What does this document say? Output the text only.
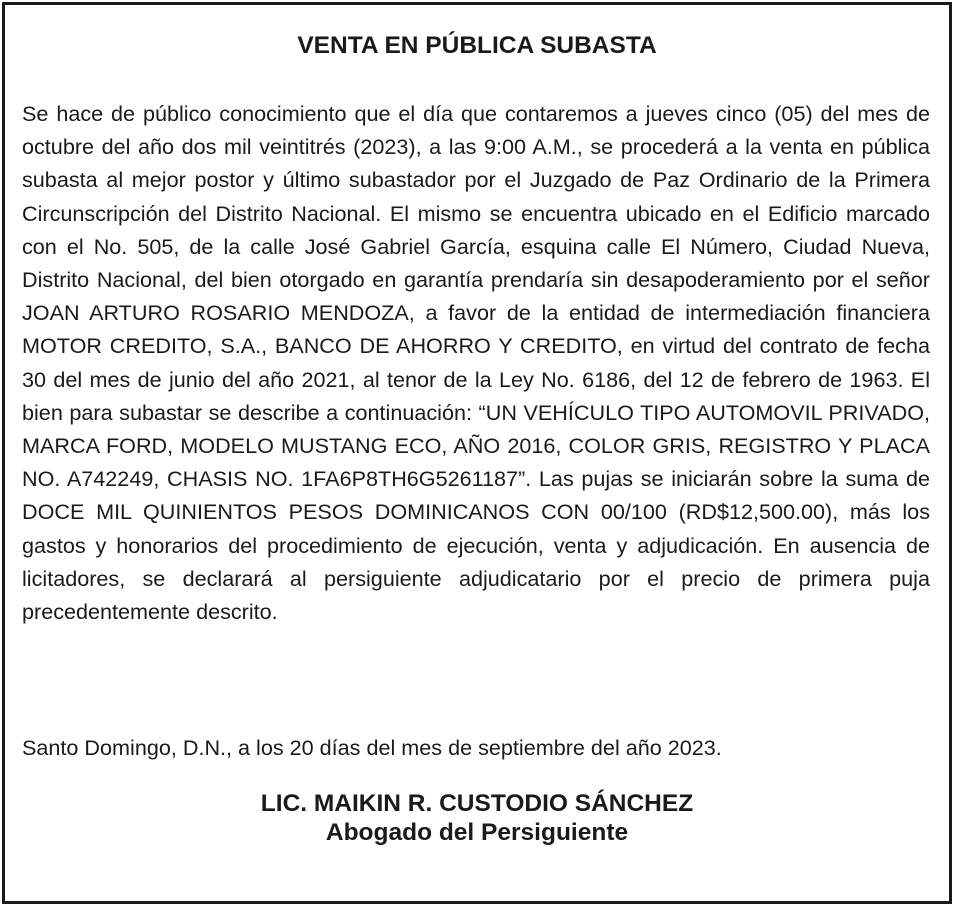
VENTA EN PÚBLICA SUBASTA

Se hace de público conocimiento que el día que contaremos a jueves cinco (05) del mes de octubre del año dos mil veintitrés (2023), a las 9:00 A.M., se procederá a la venta en pública subasta al mejor postor y último subastador por el Juzgado de Paz Ordinario de la Primera Circunscripción del Distrito Nacional. El mismo se encuentra ubicado en el Edificio marcado con el No. 505, de la calle José Gabriel García, esquina calle El Número, Ciudad Nueva, Distrito Nacional, del bien otorgado en garantía prendaría sin desapoderamiento por el señor JOAN ARTURO ROSARIO MENDOZA, a favor de la entidad de intermediación financiera MOTOR CREDITO, S.A., BANCO DE AHORRO Y CREDITO, en virtud del contrato de fecha 30 del mes de junio del año 2021, al tenor de la Ley No. 6186, del 12 de febrero de 1963. El bien para subastar se describe a continuación: “UN VEHÍCULO TIPO AUTOMOVIL PRIVADO, MARCA FORD, MODELO MUSTANG ECO, AÑO 2016, COLOR GRIS, REGISTRO Y PLACA NO. A742249, CHASIS NO. 1FA6P8TH6G5261187”. Las pujas se iniciarán sobre la suma de DOCE MIL QUINIENTOS PESOS DOMINICANOS CON 00/100 (RD$12,500.00), más los gastos y honorarios del procedimiento de ejecución, venta y adjudicación. En ausencia de licitadores, se declarará al persiguiente adjudicatario por el precio de primera puja precedentemente descrito.

Santo Domingo, D.N., a los 20 días del mes de septiembre del año 2023.

LIC. MAIKIN R. CUSTODIO SÁNCHEZ
Abogado del Persiguiente
